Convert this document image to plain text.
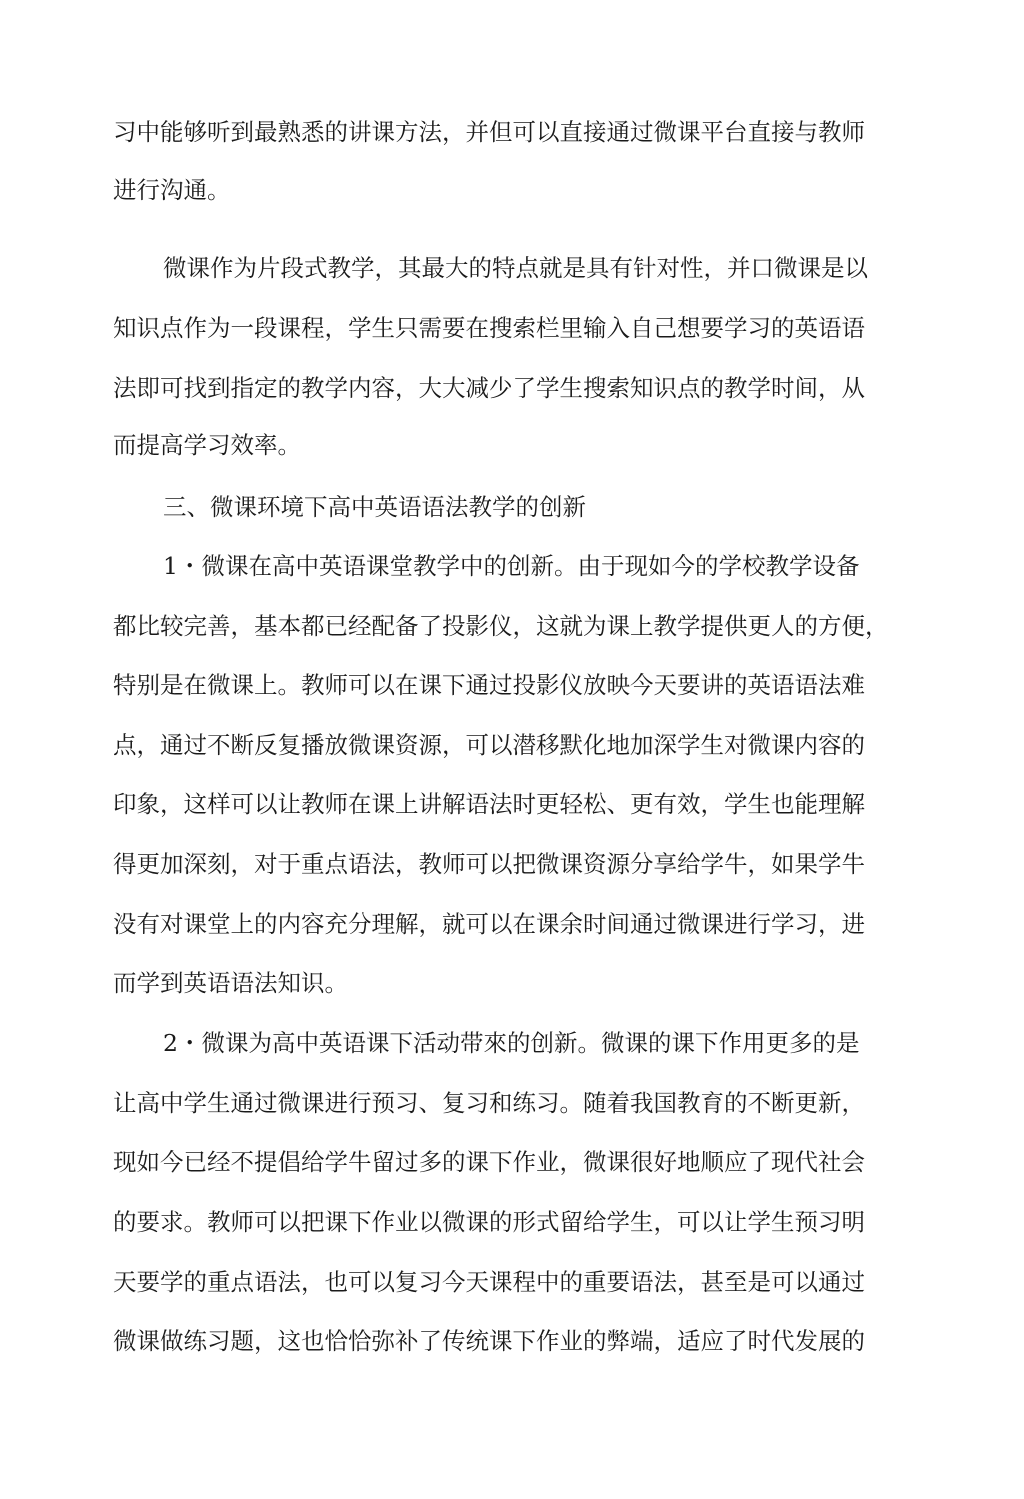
习中能够听到最熟悉的讲课方法，并但可以直接通过微课平台直接与教师
进行沟通。
微课作为片段式教学，其最大的特点就是具有针对性，并口微课是以
知识点作为一段课程，学生只需要在搜索栏里输入自己想要学习的英语语
法即可找到指定的教学内容，大大减少了学生搜索知识点的教学时间，从
而提高学习效率。
三、微课环境下高中英语语法教学的创新
1・微课在高中英语课堂教学中的创新。由于现如今的学校教学设备
都比较完善，基本都已经配备了投影仪，这就为课上教学提供更人的方便，
特别是在微课上。教师可以在课下通过投影仪放映今天要讲的英语语法难
点，通过不断反复播放微课资源，可以潜移默化地加深学生对微课内容的
印象，这样可以让教师在课上讲解语法时更轻松、更有效，学生也能理解
得更加深刻，对于重点语法，教师可以把微课资源分享给学牛，如果学牛
没有对课堂上的内容充分理解，就可以在课余时间通过微课进行学习，进
而学到英语语法知识。
2・微课为高中英语课下活动带來的创新。微课的课下作用更多的是
让高中学生通过微课进行预习、复习和练习。随着我国教育的不断更新，
现如今已经不提倡给学牛留过多的课下作业，微课很好地顺应了现代社会
的要求。教师可以把课下作业以微课的形式留给学生，可以让学生预习明
天要学的重点语法，也可以复习今天课程中的重要语法，甚至是可以通过
微课做练习题，这也恰恰弥补了传统课下作业的弊端，适应了时代发展的
